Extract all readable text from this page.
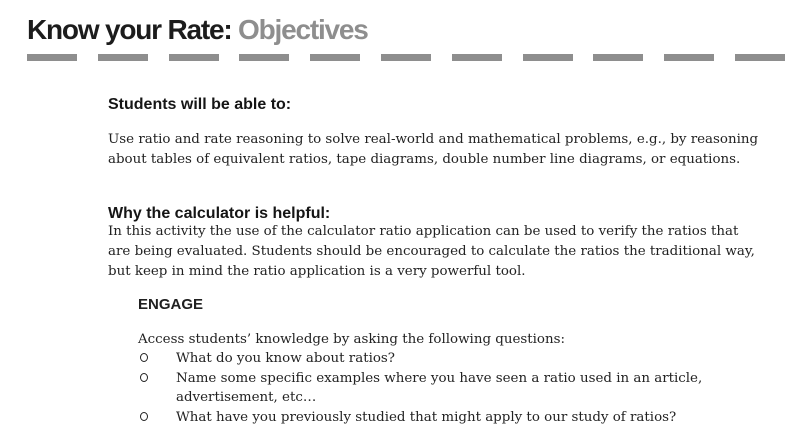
Know your Rate: Objectives
Students will be able to:

Use ratio and rate reasoning to solve real-world and mathematical problems, e.g., by reasoning
about tables of equivalent ratios, tape diagrams, double number line diagrams, or equations.

Why the calculator is helpful:

In this activity the use of the calculator ratio application can be used to verify the ratios that
are being evaluated. Students should be encouraged to calculate the ratios the traditional way,
but keep in mind the ratio application is a very powerful tool.

ENGAGE

Access students’ knowledge by asking the following questions:

What do you know about ratios?
Name some specific examples where you have seen a ratio used in an article,
advertisement, etc…
What have you previously studied that might apply to our study of ratios?
